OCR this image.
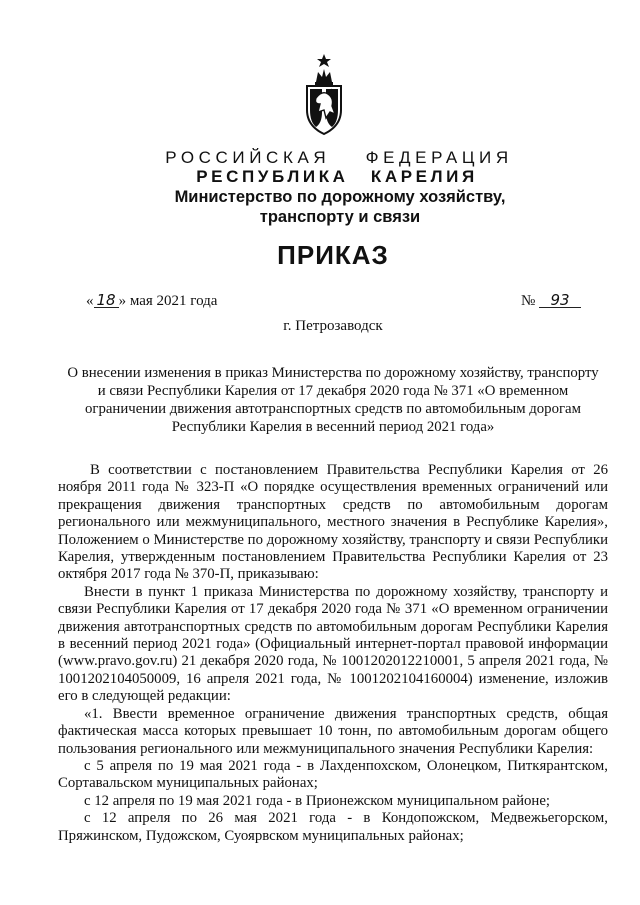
РОССИЙСКАЯ ФЕДЕРАЦИЯ
РЕСПУБЛИКА КАРЕЛИЯ
Министерство по дорожному хозяйству,
транспорту и связи
ПРИКАЗ
« 18 » мая 2021 года	№ 93
г. Петрозаводск
О внесении изменения в приказ Министерства по дорожному хозяйству, транспорту
и связи Республики Карелия от 17 декабря 2020 года № 371 «О временном
ограничении движения автотранспортных средств по автомобильным дорогам
Республики Карелия в весенний период 2021 года»

В соответствии с постановлением Правительства Республики Карелия от 26 ноября 2011 года № 323-П «О порядке осуществления временных ограничений или прекращения движения транспортных средств по автомобильным дорогам регионального или межмуниципального, местного значения в Республике Карелия», Положением о Министерстве по дорожному хозяйству, транспорту и связи Республики Карелия, утвержденным постановлением Правительства Республики Карелия от 23 октября 2017 года № 370-П, приказываю:

Внести в пункт 1 приказа Министерства по дорожному хозяйству, транспорту и связи Республики Карелия от 17 декабря 2020 года № 371 «О временном ограничении движения автотранспортных средств по автомобильным дорогам Республики Карелия в весенний период 2021 года» (Официальный интернет-портал правовой информации (www.pravo.gov.ru) 21 декабря 2020 года, № 1001202012210001, 5 апреля 2021 года, № 1001202104050009, 16 апреля 2021 года, № 1001202104160004) изменение, изложив его в следующей редакции:

«1. Ввести временное ограничение движения транспортных средств, общая фактическая масса которых превышает 10 тонн, по автомобильным дорогам общего пользования регионального или межмуниципального значения Республики Карелия:

с 5 апреля по 19 мая 2021 года - в Лахденпохском, Олонецком, Питкярантском, Сортавальском муниципальных районах;

с 12 апреля по 19 мая 2021 года - в Прионежском муниципальном районе;

с 12 апреля по 26 мая 2021 года - в Кондопожском, Медвежьегорском, Пряжинском, Пудожском, Суоярвском муниципальных районах;
